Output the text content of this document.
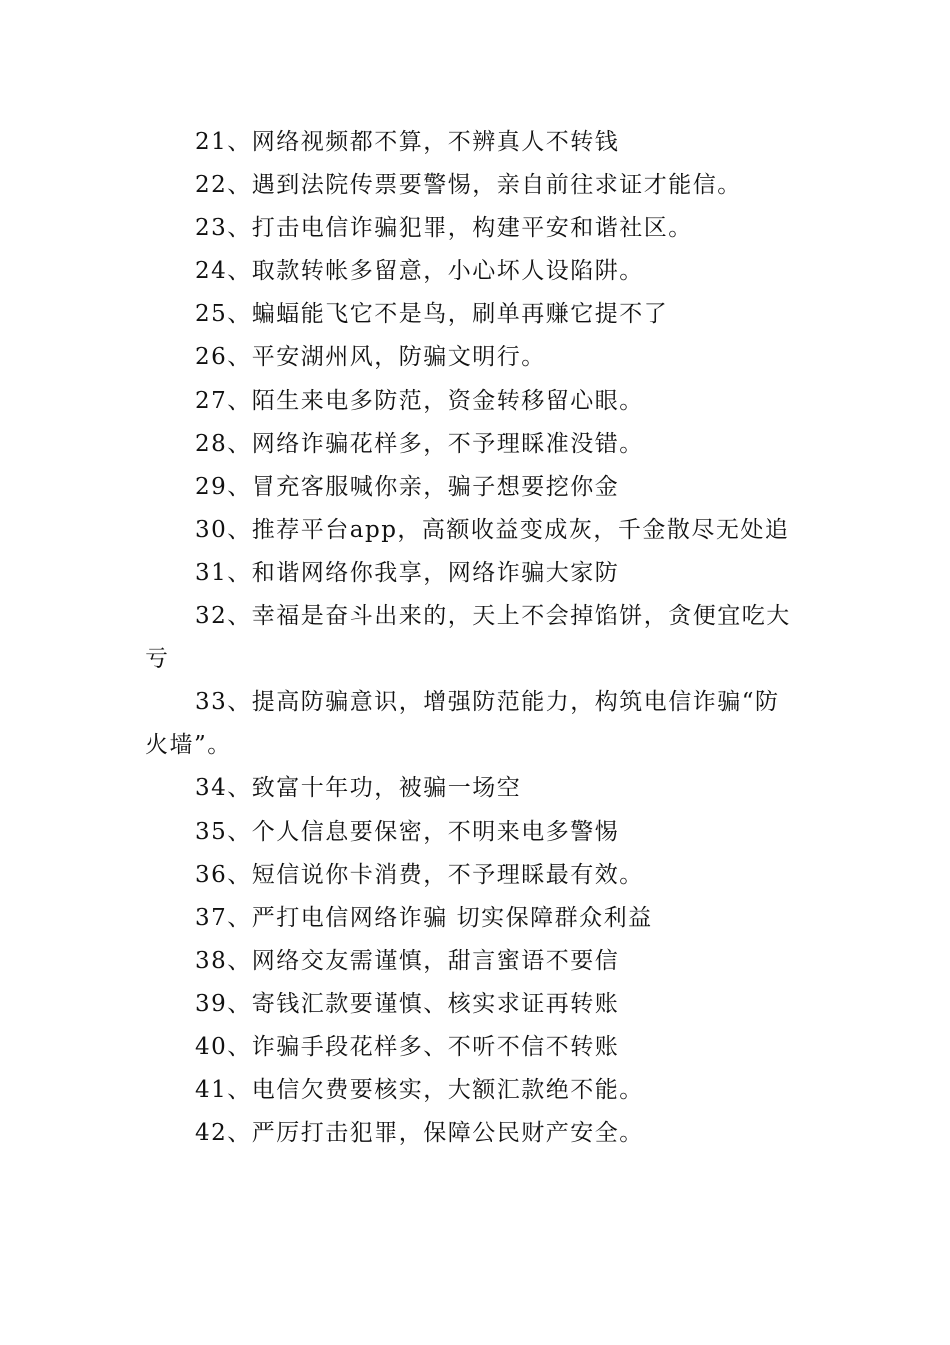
21、网络视频都不算，不辨真人不转钱

22、遇到法院传票要警惕，亲自前往求证才能信。

23、打击电信诈骗犯罪，构建平安和谐社区。

24、取款转帐多留意，小心坏人设陷阱。

25、蝙蝠能飞它不是鸟，刷单再赚它提不了

26、平安湖州风，防骗文明行。

27、陌生来电多防范，资金转移留心眼。

28、网络诈骗花样多，不予理睬准没错。

29、冒充客服喊你亲，骗子想要挖你金

30、推荐平台app，高额收益变成灰，千金散尽无处追

31、和谐网络你我享，网络诈骗大家防

32、幸福是奋斗出来的，天上不会掉馅饼，贪便宜吃大亏

33、提高防骗意识，增强防范能力，构筑电信诈骗“防火墙”。

34、致富十年功，被骗一场空

35、个人信息要保密，不明来电多警惕

36、短信说你卡消费，不予理睬最有效。

37、严打电信网络诈骗 切实保障群众利益

38、网络交友需谨慎，甜言蜜语不要信

39、寄钱汇款要谨慎、核实求证再转账

40、诈骗手段花样多、不听不信不转账

41、电信欠费要核实，大额汇款绝不能。

42、严厉打击犯罪，保障公民财产安全。
